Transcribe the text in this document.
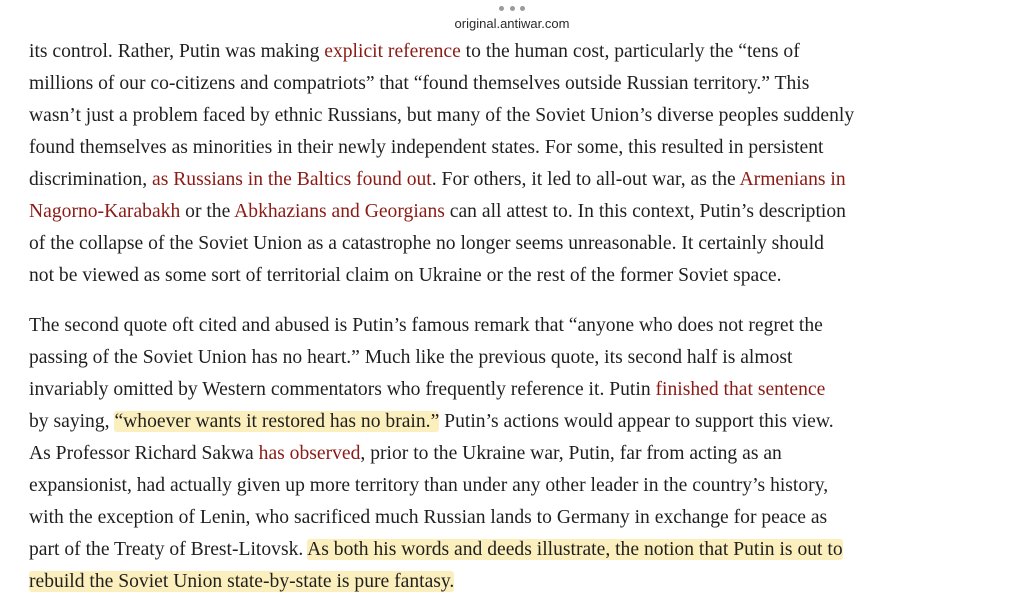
original.antiwar.com

its control. Rather, Putin was making explicit reference to the human cost, particularly the “tens of
millions of our co-citizens and compatriots” that “found themselves outside Russian territory.” This
wasn’t just a problem faced by ethnic Russians, but many of the Soviet Union’s diverse peoples suddenly
found themselves as minorities in their newly independent states. For some, this resulted in persistent
discrimination, as Russians in the Baltics found out. For others, it led to all-out war, as the Armenians in
Nagorno-Karabakh or the Abkhazians and Georgians can all attest to. In this context, Putin’s description
of the collapse of the Soviet Union as a catastrophe no longer seems unreasonable. It certainly should
not be viewed as some sort of territorial claim on Ukraine or the rest of the former Soviet space.

The second quote oft cited and abused is Putin’s famous remark that “anyone who does not regret the
passing of the Soviet Union has no heart.” Much like the previous quote, its second half is almost
invariably omitted by Western commentators who frequently reference it. Putin finished that sentence
by saying, “whoever wants it restored has no brain.” Putin’s actions would appear to support this view.
As Professor Richard Sakwa has observed, prior to the Ukraine war, Putin, far from acting as an
expansionist, had actually given up more territory than under any other leader in the country’s history,
with the exception of Lenin, who sacrificed much Russian lands to Germany in exchange for peace as
part of the Treaty of Brest-Litovsk. As both his words and deeds illustrate, the notion that Putin is out to
rebuild the Soviet Union state-by-state is pure fantasy.
